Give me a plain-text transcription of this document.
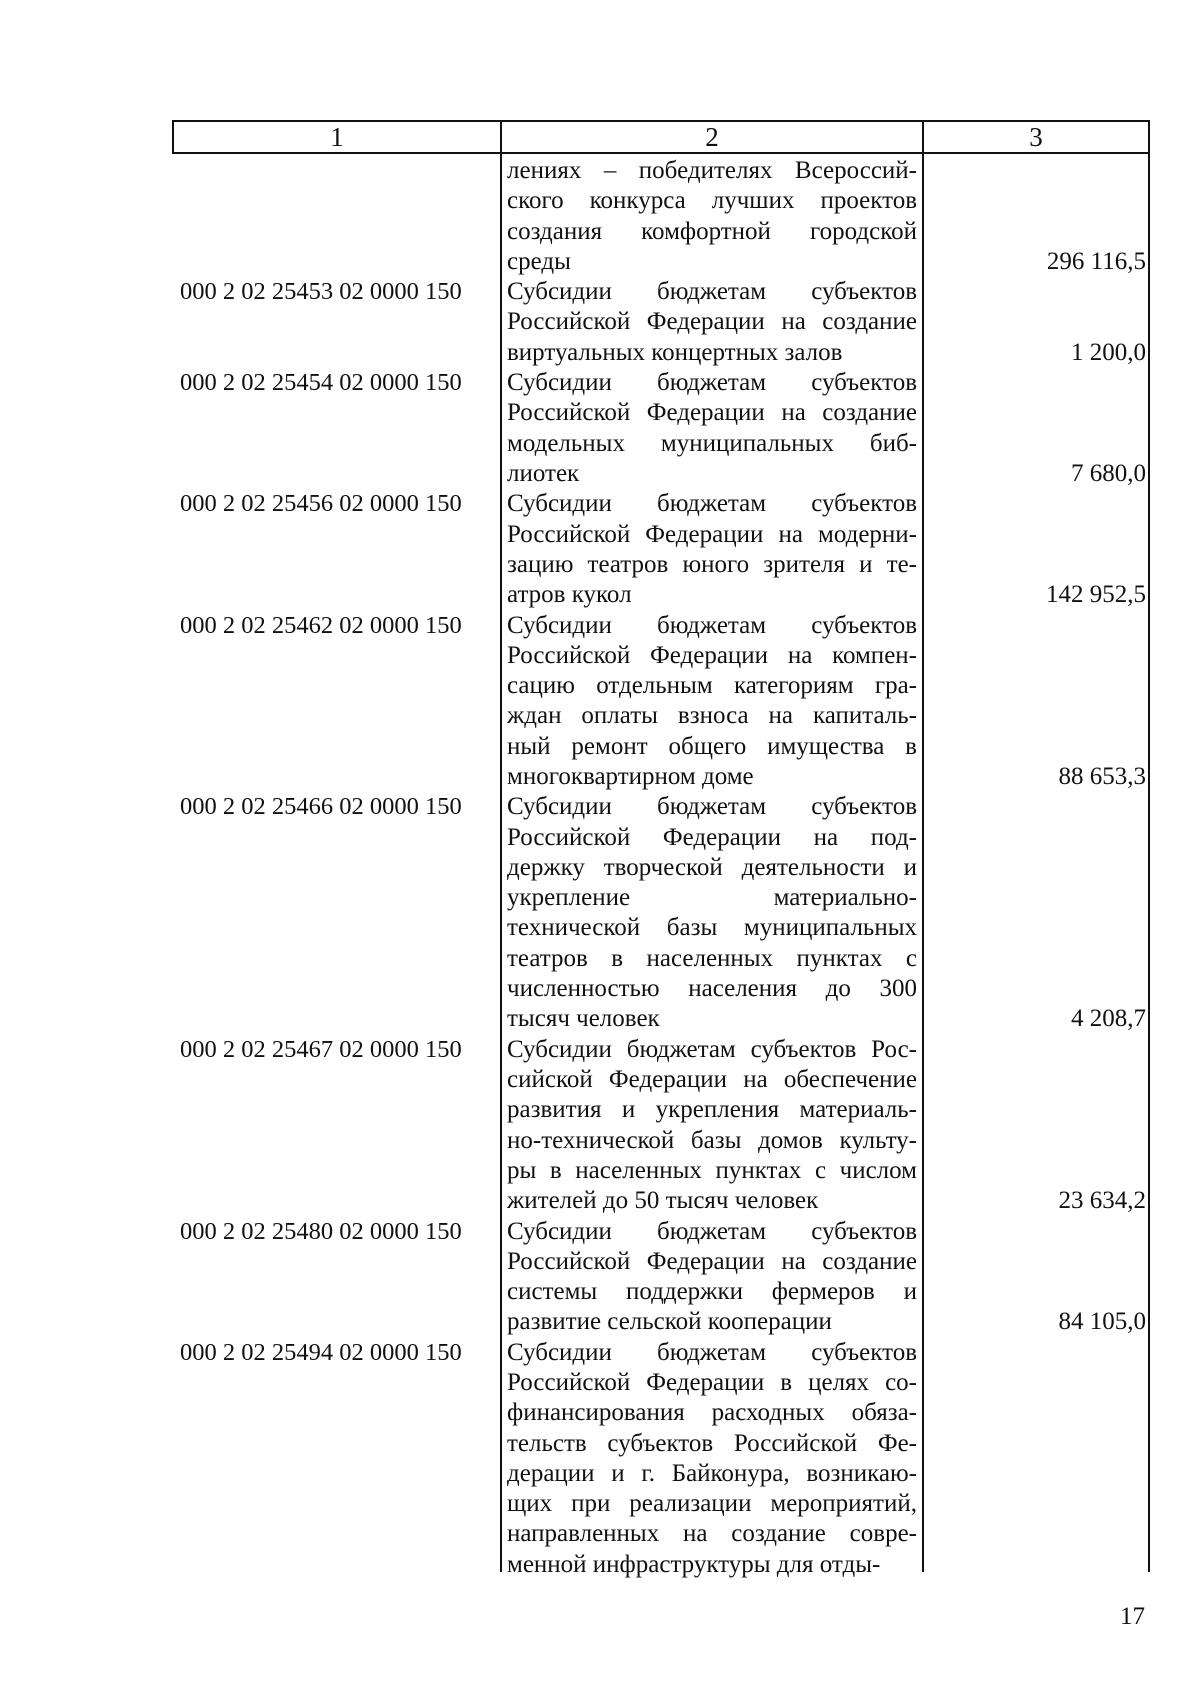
1	2	3
лениях – победителях Всероссий-
ского конкурса лучших проектов
создания комфортной городской
среды	296 116,5
000 2 02 25453 02 0000 150	Субсидии бюджетам субъектов
Российской Федерации на создание
виртуальных концертных залов	1 200,0
000 2 02 25454 02 0000 150	Субсидии бюджетам субъектов
Российской Федерации на создание
модельных муниципальных биб-
лиотек	7 680,0
000 2 02 25456 02 0000 150	Субсидии бюджетам субъектов
Российской Федерации на модерни-
зацию театров юного зрителя и те-
атров кукол	142 952,5
000 2 02 25462 02 0000 150	Субсидии бюджетам субъектов
Российской Федерации на компен-
сацию отдельным категориям гра-
ждан оплаты взноса на капиталь-
ный ремонт общего имущества в
многоквартирном доме	88 653,3
000 2 02 25466 02 0000 150	Субсидии бюджетам субъектов
Российской Федерации на под-
держку творческой деятельности и
укрепление материально-
технической базы муниципальных
театров в населенных пунктах с
численностью населения до 300
тысяч человек	4 208,7
000 2 02 25467 02 0000 150	Субсидии бюджетам субъектов Рос-
сийской Федерации на обеспечение
развития и укрепления материаль-
но-технической базы домов культу-
ры в населенных пунктах с числом
жителей до 50 тысяч человек	23 634,2
000 2 02 25480 02 0000 150	Субсидии бюджетам субъектов
Российской Федерации на создание
системы поддержки фермеров и
развитие сельской кооперации	84 105,0
000 2 02 25494 02 0000 150	Субсидии бюджетам субъектов
Российской Федерации в целях со-
финансирования расходных обяза-
тельств субъектов Российской Фе-
дерации и г. Байконура, возникаю-
щих при реализации мероприятий,
направленных на создание совре-
менной инфраструктуры для отды-
17
